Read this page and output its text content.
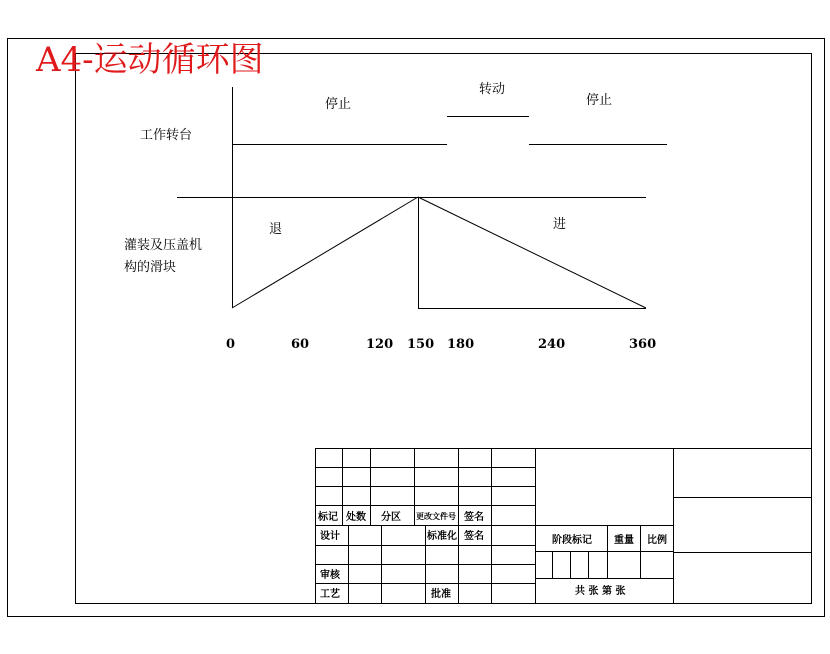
A4-运动循环图
工作转台
停止
转动
停止
灌装及压盖机
构的滑块
退	进
0	60	120 150 180	240	360
标记 处数 分区 更改文件号 签名
设计	标准化 签名
审核
工艺	批准
阶段标记 重量 比例
共 张 第 张
